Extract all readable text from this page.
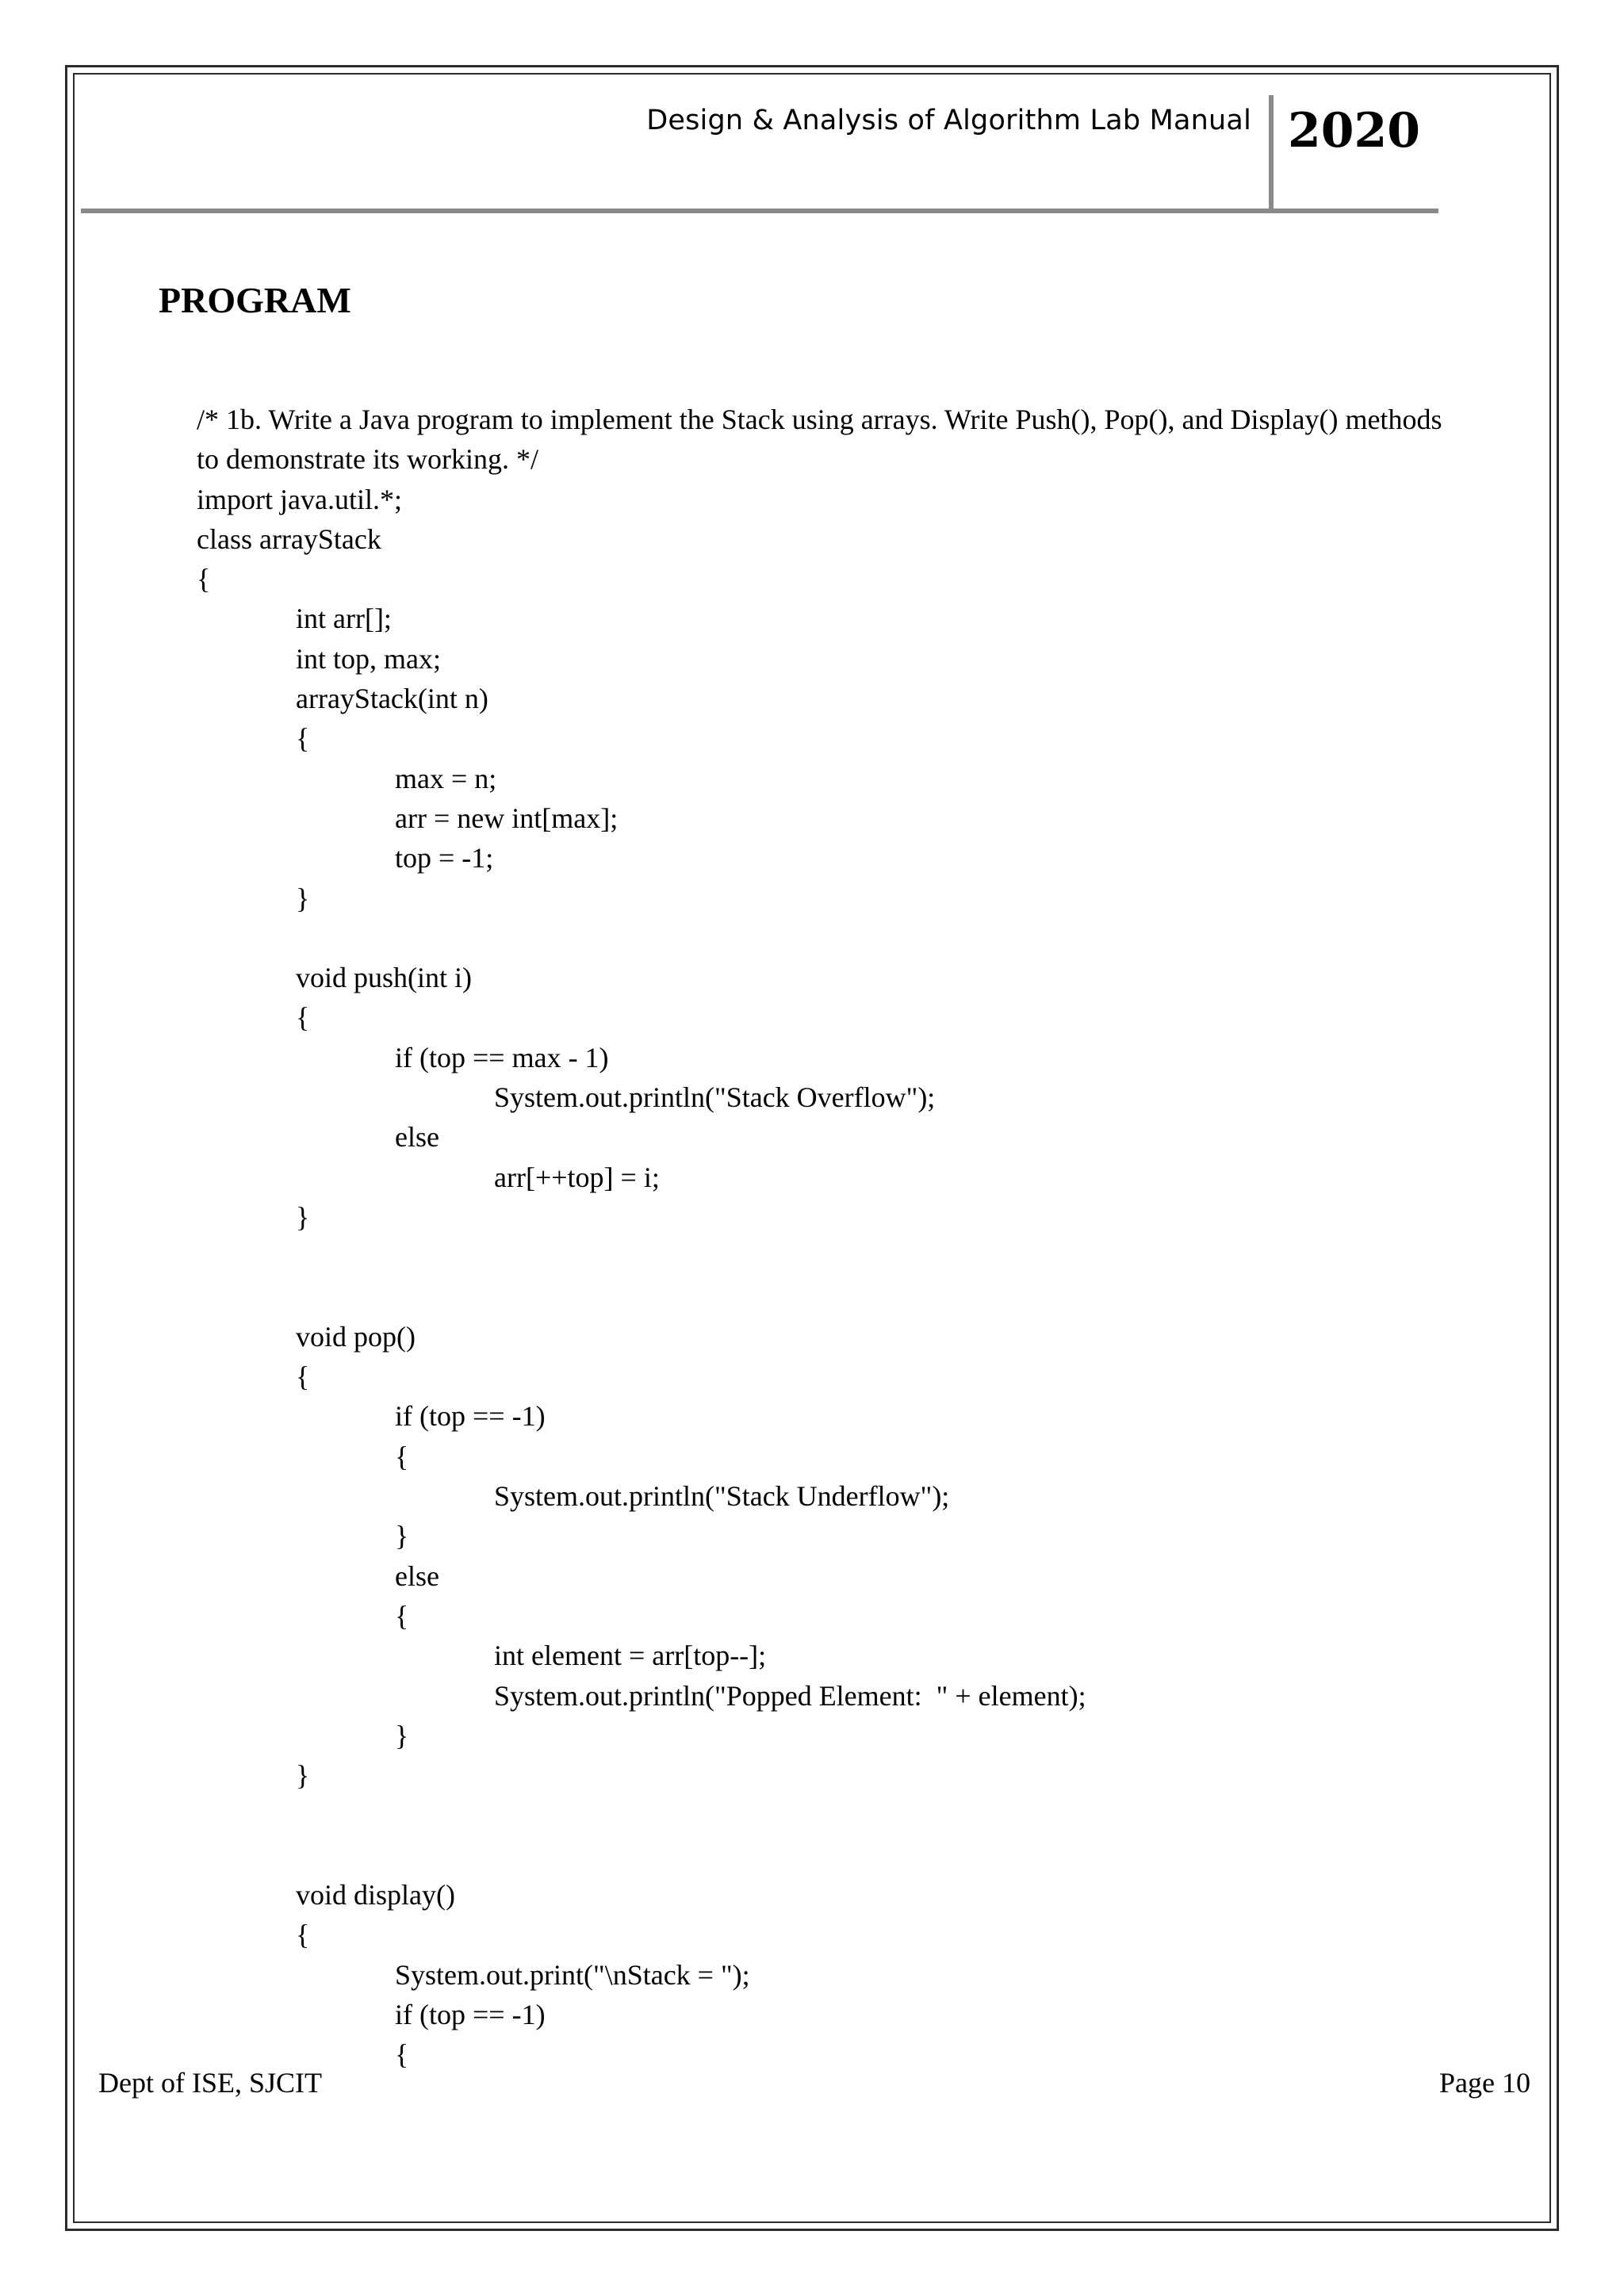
Design & Analysis of Algorithm Lab Manual 2020
PROGRAM
/* 1b. Write a Java program to implement the Stack using arrays. Write Push(), Pop(), and Display() methods
to demonstrate its working. */
import java.util.*;
class arrayStack
{
int arr[];
int top, max;
arrayStack(int n)
{
max = n;
arr = new int[max];
top = -1;
}
void push(int i)
{
if (top == max - 1)
System.out.println("Stack Overflow");
else
arr[++top] = i;
}
void pop()
{
if (top == -1)
{
System.out.println("Stack Underflow");
}
else
{
int element = arr[top--];
System.out.println("Popped Element:  " + element);
}
}
void display()
{
System.out.print("\nStack = ");
if (top == -1)
{
Dept of ISE, SJCIT	Page 10
